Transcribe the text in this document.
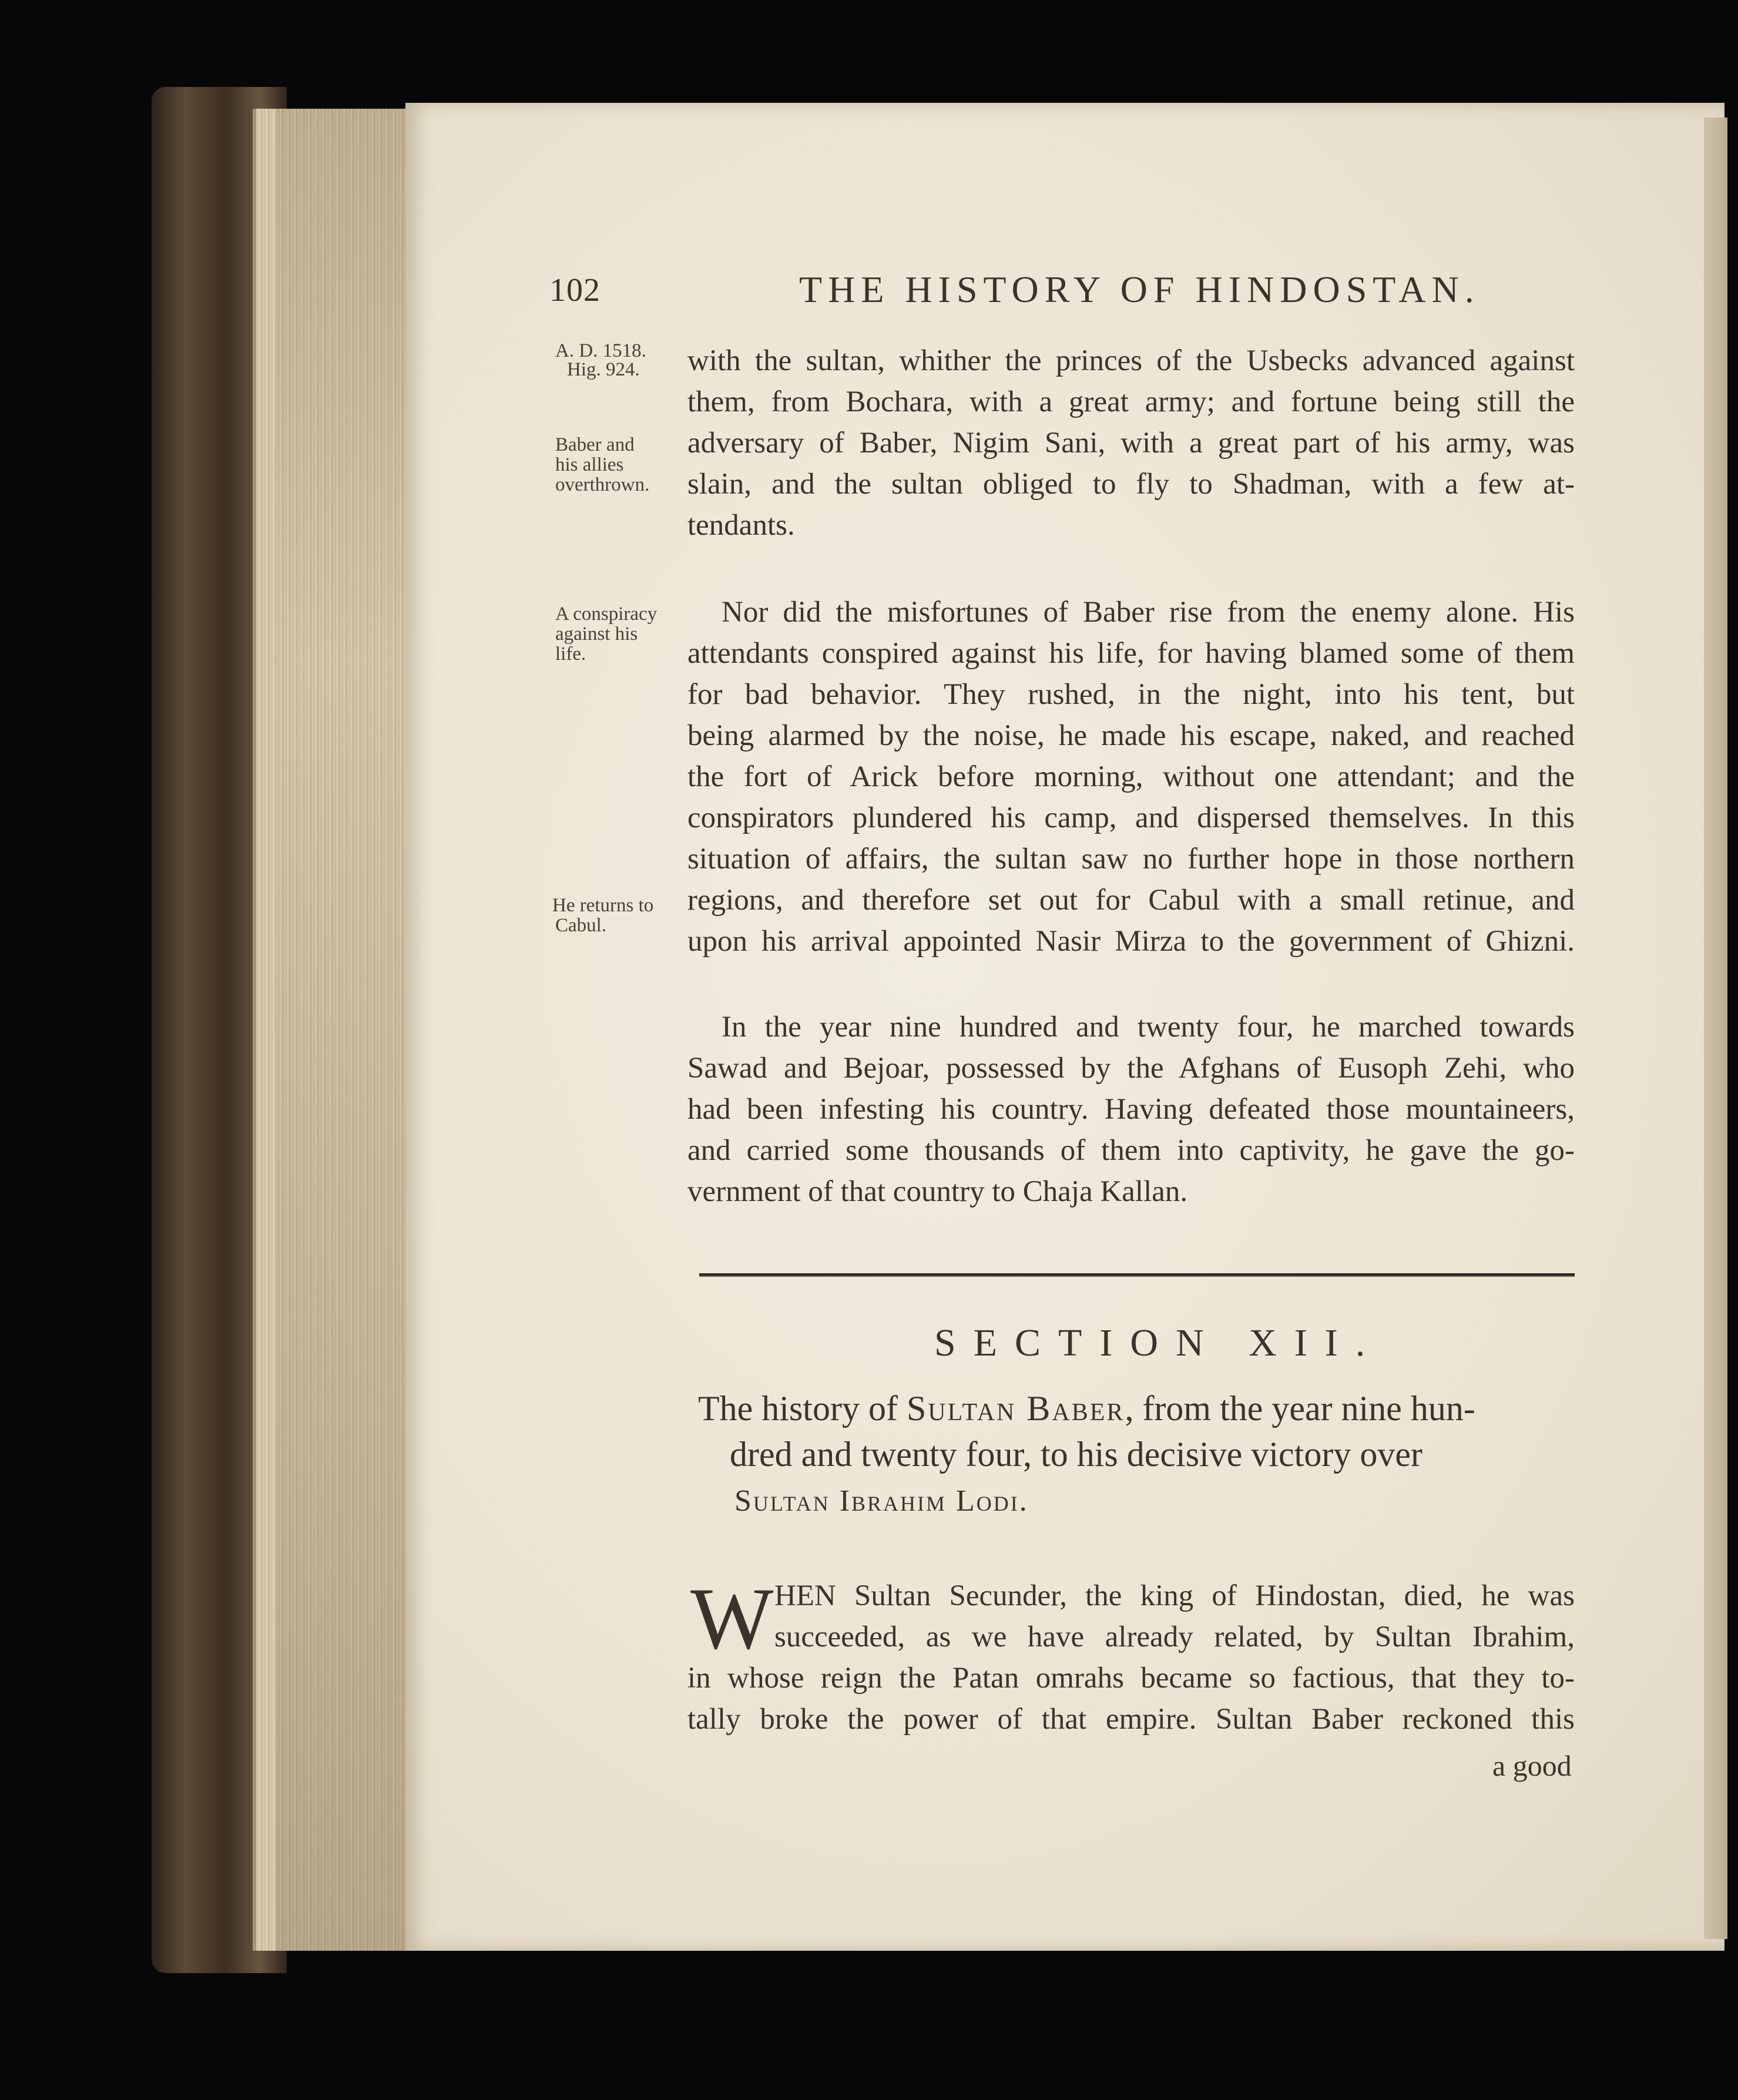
102	THE HISTORY OF HINDOSTAN.
A. D. 1518.
Hig. 924.
Baber and
his allies
overthrown.
A conspiracy
against his
life.
He returns to
Cabul.
with the sultan, whither the princes of the Usbecks advanced against
them, from Bochara, with a great army; and fortune being still the
adversary of Baber, Nigim Sani, with a great part of his army, was
slain, and the sultan obliged to fly to Shadman, with a few at-
tendants.
Nor did the misfortunes of Baber rise from the enemy alone. His
attendants conspired against his life, for having blamed some of them
for bad behavior. They rushed, in the night, into his tent, but
being alarmed by the noise, he made his escape, naked, and reached
the fort of Arick before morning, without one attendant; and the
conspirators plundered his camp, and dispersed themselves. In this
situation of affairs, the sultan saw no further hope in those northern
regions, and therefore set out for Cabul with a small retinue, and
upon his arrival appointed Nasir Mirza to the government of Ghizni.
In the year nine hundred and twenty four, he marched towards
Sawad and Bejoar, possessed by the Afghans of Eusoph Zehi, who
had been infesting his country. Having defeated those mountaineers,
and carried some thousands of them into captivity, he gave the go-
vernment of that country to Chaja Kallan.
SECTION XII.
The history of Sultan Baber, from the year nine hun-
dred and twenty four, to his decisive victory over
Sultan Ibrahim Lodi.
W HEN Sultan Secunder, the king of Hindostan, died, he was
succeeded, as we have already related, by Sultan Ibrahim,
in whose reign the Patan omrahs became so factious, that they to-
tally broke the power of that empire. Sultan Baber reckoned this
a good
